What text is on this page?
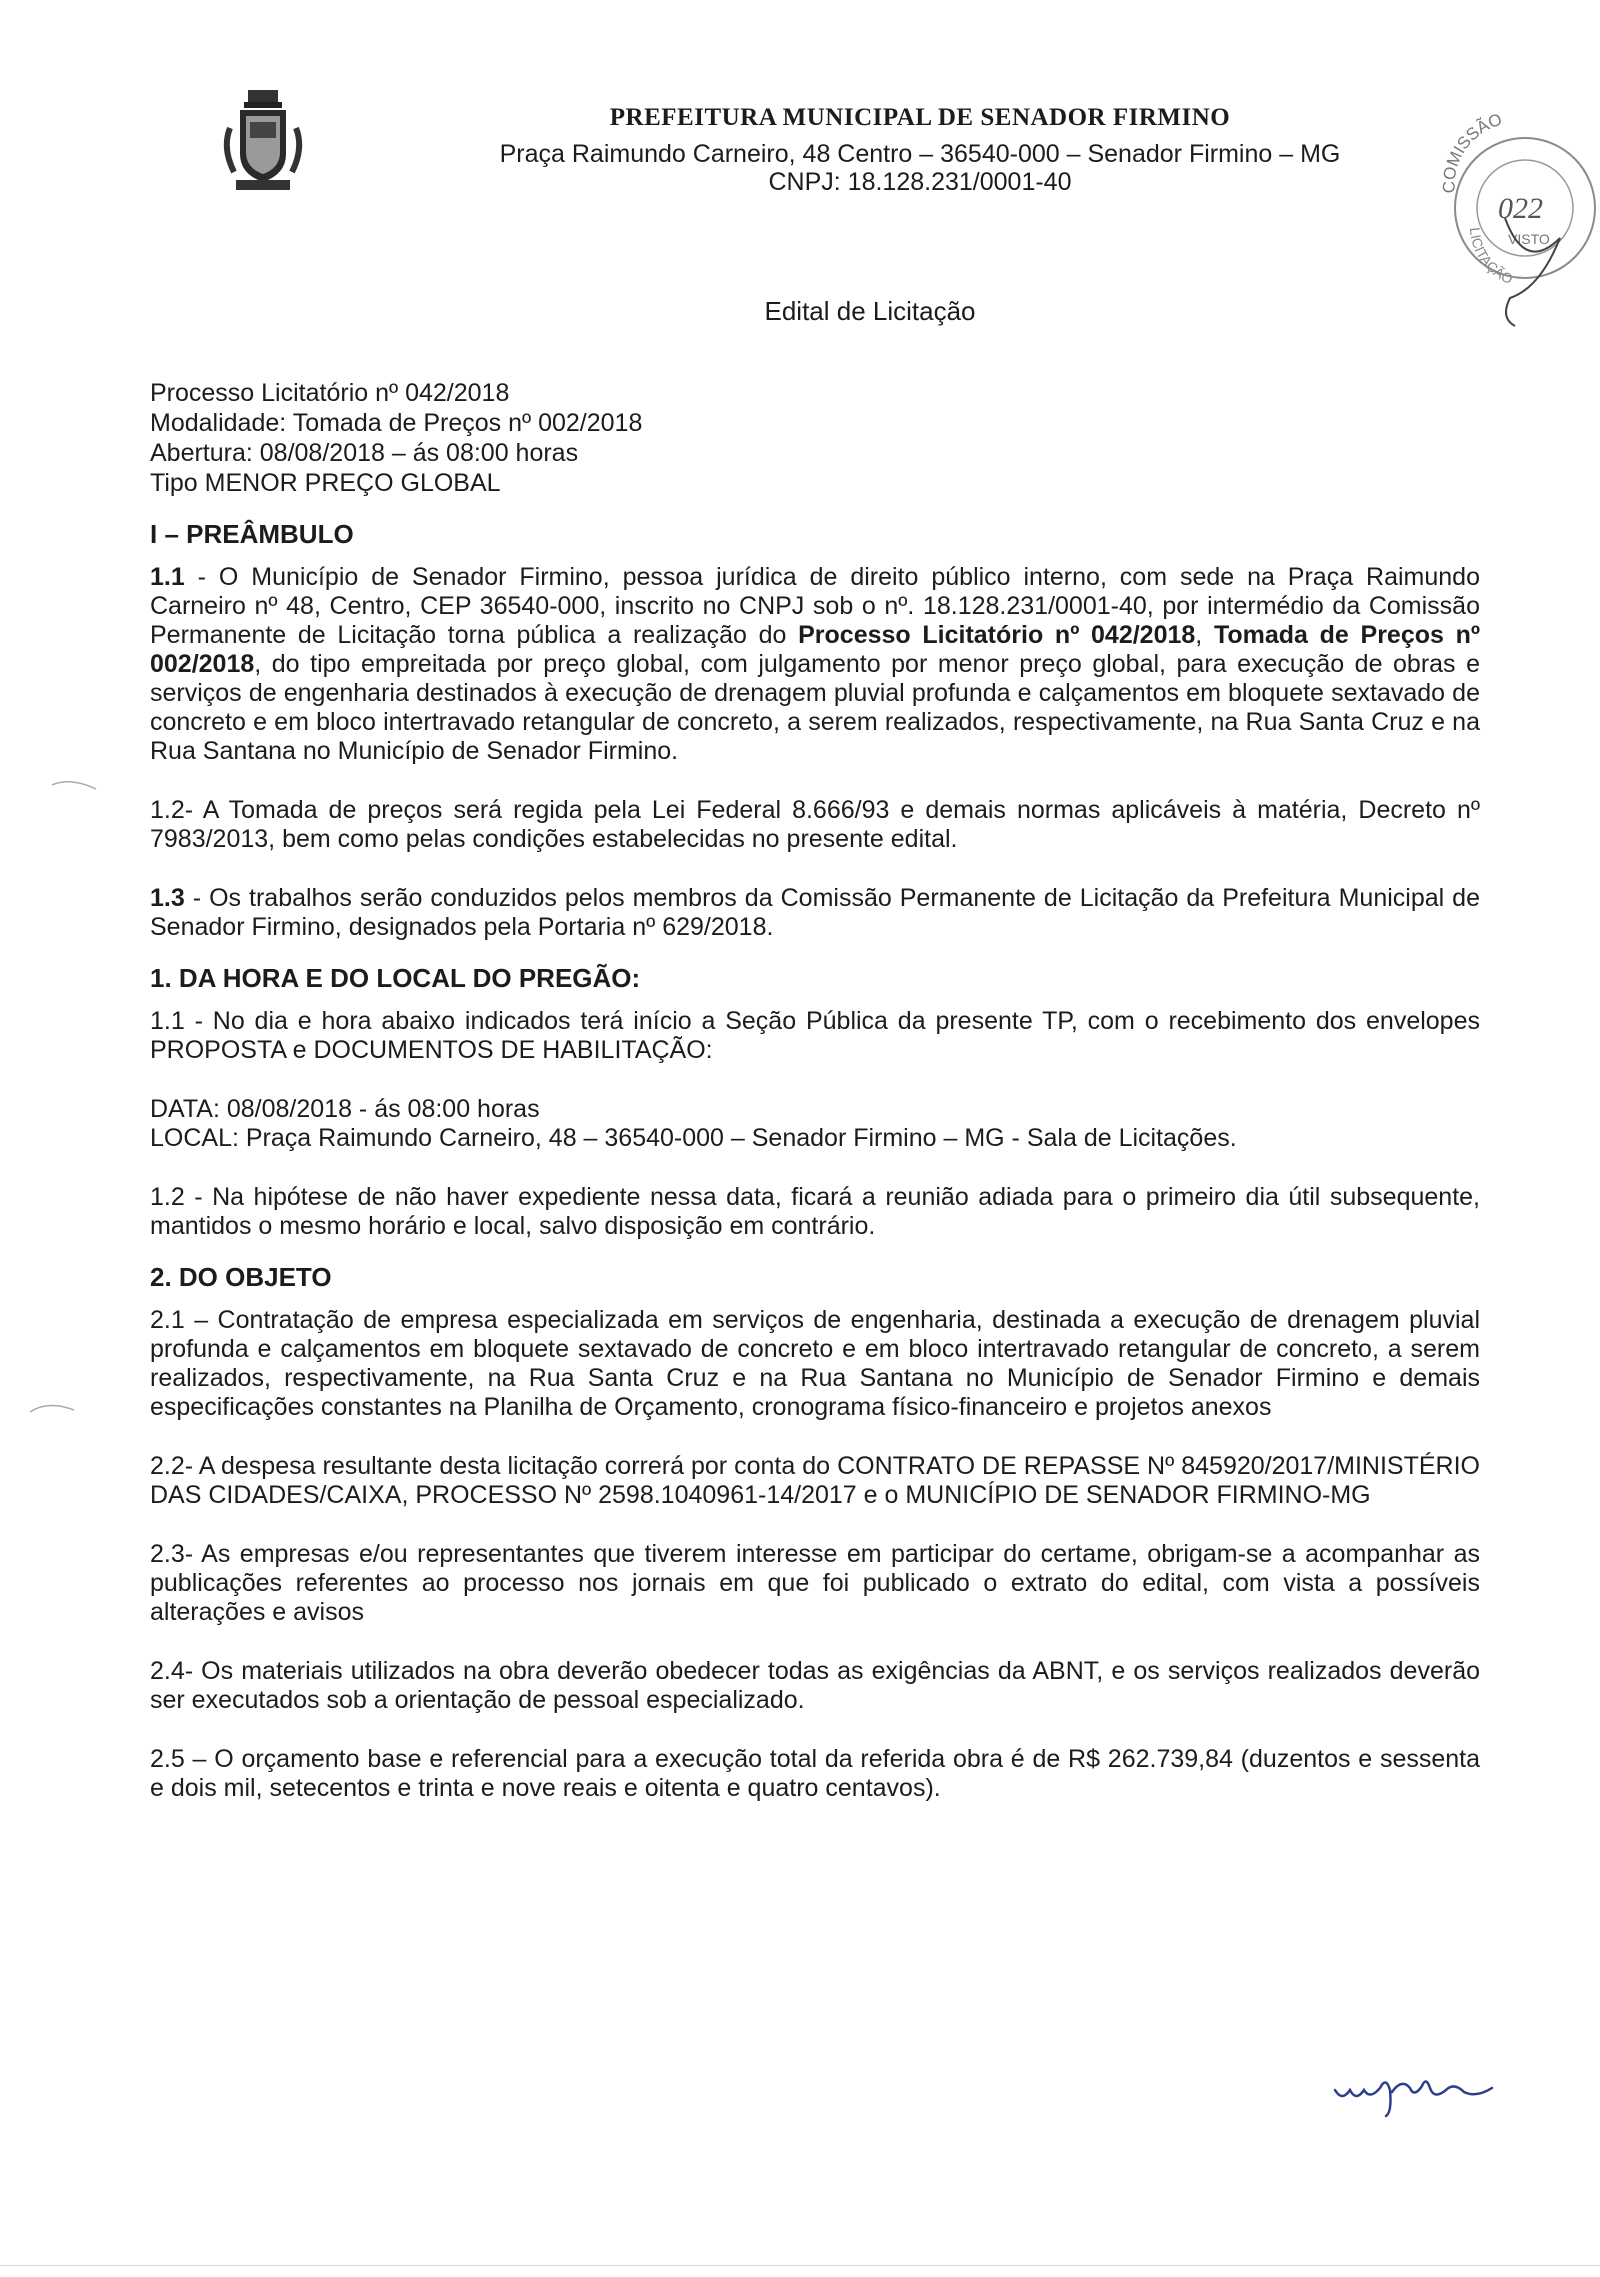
PREFEITURA MUNICIPAL DE SENADOR FIRMINO
Praça Raimundo Carneiro, 48 Centro – 36540-000 – Senador Firmino – MG
CNPJ: 18.128.231/0001-40	COMISSÃO
022
VISTO
LICITAÇÃO
Edital de Licitação

Processo Licitatório nº 042/2018

Modalidade: Tomada de Preços nº 002/2018

Abertura: 08/08/2018 – ás 08:00 horas

Tipo MENOR PREÇO GLOBAL

I – PREÂMBULO

1.1 - O Município de Senador Firmino, pessoa jurídica de direito público interno, com sede na Praça Raimundo Carneiro nº 48, Centro, CEP 36540-000, inscrito no CNPJ sob o nº. 18.128.231/0001-40, por intermédio da Comissão Permanente de Licitação torna pública a realização do Processo Licitatório nº 042/2018, Tomada de Preços nº 002/2018, do tipo empreitada por preço global, com julgamento por menor preço global, para execução de obras e serviços de engenharia destinados à execução de drenagem pluvial profunda e calçamentos em bloquete sextavado de concreto e em bloco intertravado retangular de concreto, a serem realizados, respectivamente, na Rua Santa Cruz e na Rua Santana no Município de Senador Firmino.

1.2- A Tomada de preços será regida pela Lei Federal 8.666/93 e demais normas aplicáveis à matéria, Decreto nº 7983/2013, bem como pelas condições estabelecidas no presente edital.

1.3 - Os trabalhos serão conduzidos pelos membros da Comissão Permanente de Licitação da Prefeitura Municipal de Senador Firmino, designados pela Portaria nº 629/2018.

1. DA HORA E DO LOCAL DO PREGÃO:

1.1 - No dia e hora abaixo indicados terá início a Seção Pública da presente TP, com o recebimento dos envelopes PROPOSTA e DOCUMENTOS DE HABILITAÇÃO:

DATA: 08/08/2018 - ás 08:00 horas

LOCAL: Praça Raimundo Carneiro, 48 – 36540-000 – Senador Firmino – MG - Sala de Licitações.

1.2 - Na hipótese de não haver expediente nessa data, ficará a reunião adiada para o primeiro dia útil subsequente, mantidos o mesmo horário e local, salvo disposição em contrário.

2. DO OBJETO

2.1 – Contratação de empresa especializada em serviços de engenharia, destinada a execução de drenagem pluvial profunda e calçamentos em bloquete sextavado de concreto e em bloco intertravado retangular de concreto, a serem realizados, respectivamente, na Rua Santa Cruz e na Rua Santana no Município de Senador Firmino e demais especificações constantes na Planilha de Orçamento, cronograma físico-financeiro e projetos anexos

2.2- A despesa resultante desta licitação correrá por conta do CONTRATO DE REPASSE Nº 845920/2017/MINISTÉRIO DAS CIDADES/CAIXA, PROCESSO Nº 2598.1040961-14/2017 e o MUNICÍPIO DE SENADOR FIRMINO-MG

2.3- As empresas e/ou representantes que tiverem interesse em participar do certame, obrigam-se a acompanhar as publicações referentes ao processo nos jornais em que foi publicado o extrato do edital, com vista a possíveis alterações e avisos

2.4- Os materiais utilizados na obra deverão obedecer todas as exigências da ABNT, e os serviços realizados deverão ser executados sob a orientação de pessoal especializado.

2.5 – O orçamento base e referencial para a execução total da referida obra é de R$ 262.739,84 (duzentos e sessenta e dois mil, setecentos e trinta e nove reais e oitenta e quatro centavos).
